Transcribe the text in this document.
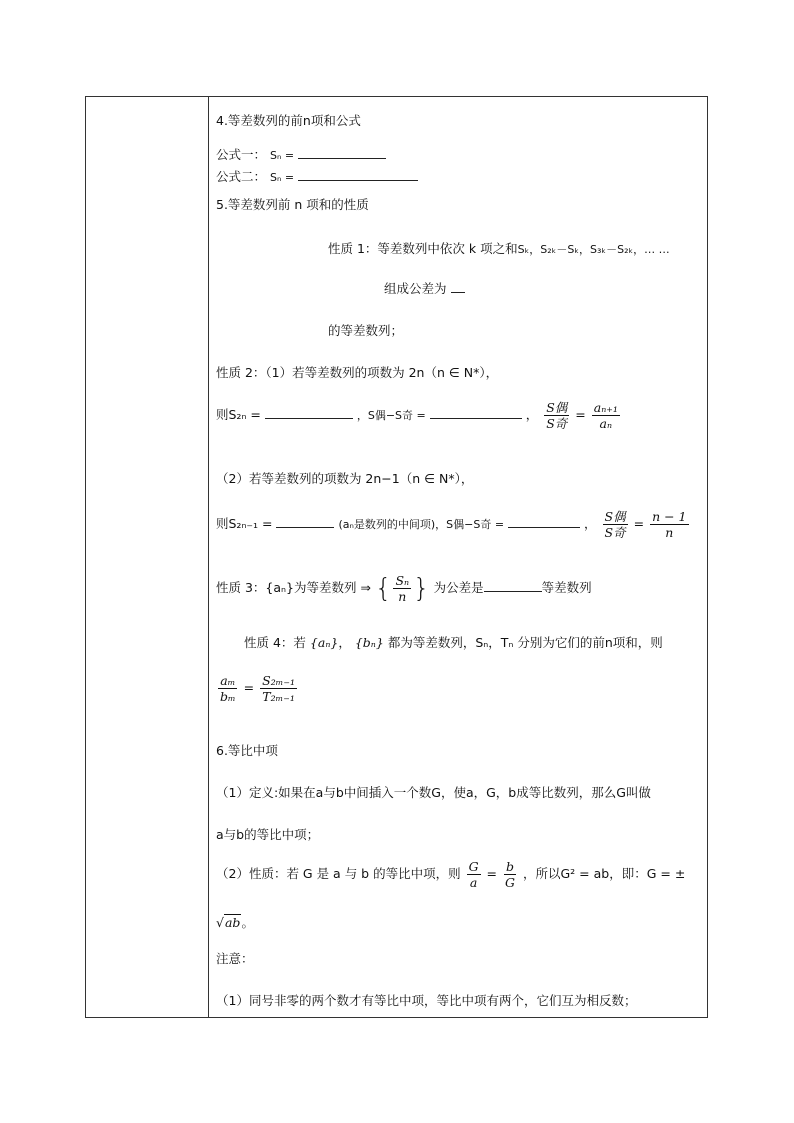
4.等差数列的前n项和公式
公式一： Sₙ =
公式二： Sₙ =
5.等差数列前 n 项和的性质
性质 1：等差数列中依次 k 项之和Sₖ，S₂ₖ－Sₖ，S₃ₖ－S₂ₖ，… …
组成公差为
的等差数列；
性质 2：（1）若等差数列的项数为 2n（n ∈ N*），
则S₂ₙ =	，S偶−S奇 =	， $\frac{\text{S偶}}{\text{S奇}} = \frac{\text{aₙ₊₁}}{\text{aₙ}}$
（2）若等差数列的项数为 2n−1（n ∈ N*），
则S₂ₙ₋₁ =	(aₙ是数列的中间项)，S偶−S奇 =	， $\frac{\text{S偶}}{\text{S奇}} = \frac{n - 1}{n}$
性质 3：{aₙ}为等差数列 ⇒ { $\frac{\text{Sₙ}}{n}$ } 为公差是	等差数列
性质 4：若 {aₙ}， {bₙ} 都为等差数列，Sₙ，Tₙ 分别为它们的前n项和，则
$\frac{\text{aₘ}}{\text{bₘ}} = \frac{\text{S₂ₘ₋₁}}{\text{T₂ₘ₋₁}}$
6.等比中项
（1）定义:如果在a与b中间插入一个数G，使a，G，b成等比数列，那么G叫做
a与b的等比中项；
（2）性质：若 G 是 a 与 b 的等比中项，则 $\frac{G}{a} = \frac{b}{G}$ ，所以G² = ab，即：G = ±
√ab。
注意：
（1）同号非零的两个数才有等比中项，等比中项有两个，它们互为相反数；
